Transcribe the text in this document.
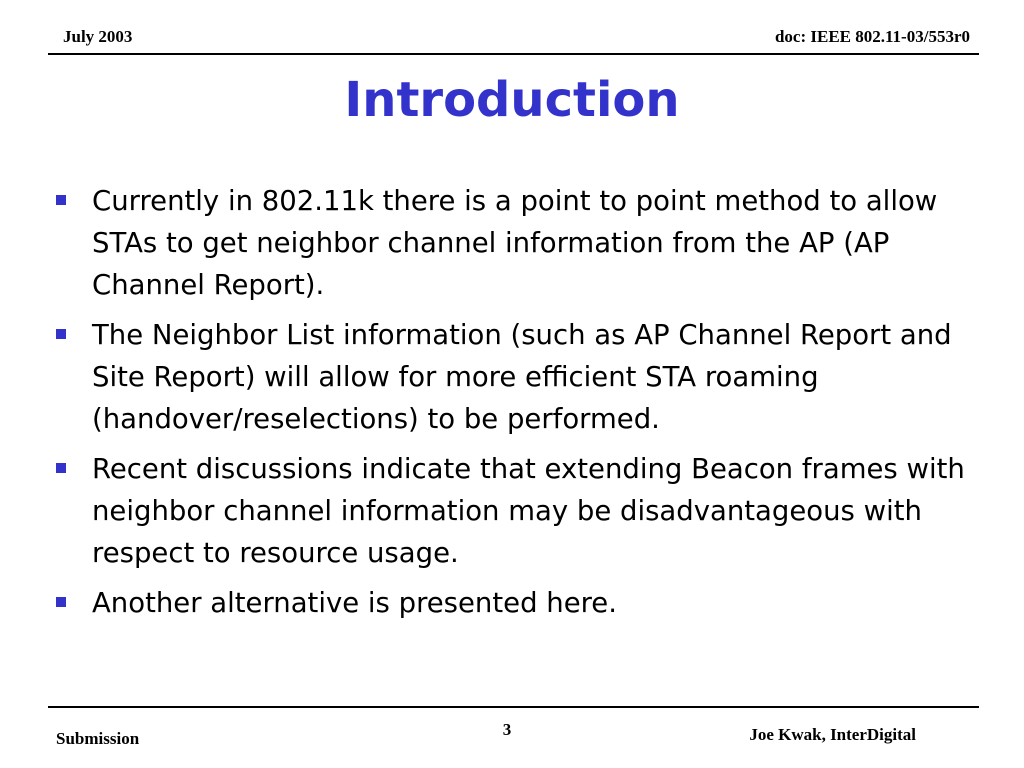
July 2003	doc: IEEE 802.11-03/553r0
Introduction
Currently in 802.11k there is a point to point method to allow STAs to get neighbor channel information from the AP (AP Channel Report).
The Neighbor List information (such as AP Channel Report and Site Report) will allow for more efficient STA roaming (handover/reselections) to be performed.
Recent discussions indicate that extending Beacon frames with neighbor channel information may be disadvantageous with respect to resource usage.
Another alternative is presented here.
Submission	3	Joe Kwak, InterDigital
